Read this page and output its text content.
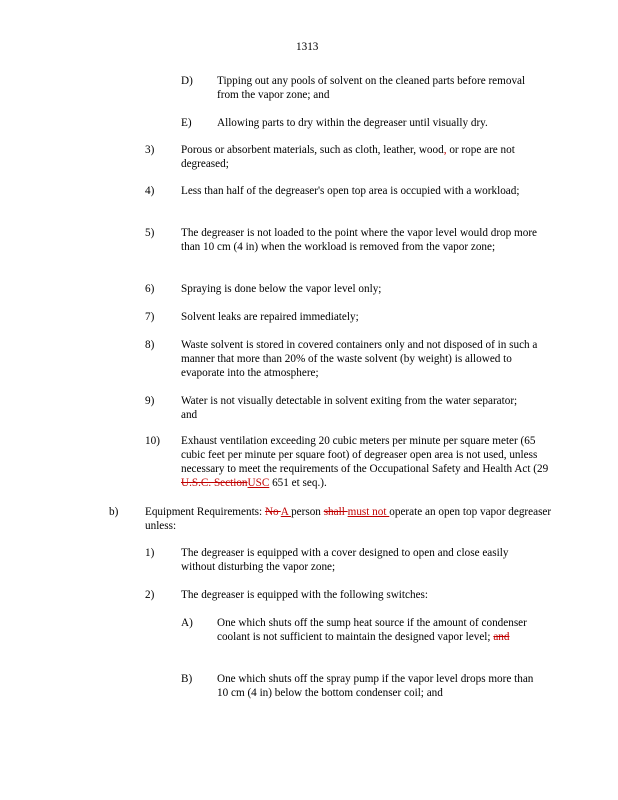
1313
D) Tipping out any pools of solvent on the cleaned parts before removal from the vapor zone; and
E) Allowing parts to dry within the degreaser until visually dry.
3) Porous or absorbent materials, such as cloth, leather, wood, or rope are not degreased;
4) Less than half of the degreaser's open top area is occupied with a workload;
5) The degreaser is not loaded to the point where the vapor level would drop more than 10 cm (4 in) when the workload is removed from the vapor zone;
6) Spraying is done below the vapor level only;
7) Solvent leaks are repaired immediately;
8) Waste solvent is stored in covered containers only and not disposed of in such a manner that more than 20% of the waste solvent (by weight) is allowed to evaporate into the atmosphere;
9) Water is not visually detectable in solvent exiting from the water separator; and
10) Exhaust ventilation exceeding 20 cubic meters per minute per square meter (65 cubic feet per minute per square foot) of degreaser open area is not used, unless necessary to meet the requirements of the Occupational Safety and Health Act (29 U.S.C. SectionUSC 651 et seq.).
b) Equipment Requirements: No A person shall must not operate an open top vapor degreaser unless:
1) The degreaser is equipped with a cover designed to open and close easily without disturbing the vapor zone;
2) The degreaser is equipped with the following switches:
A) One which shuts off the sump heat source if the amount of condenser coolant is not sufficient to maintain the designed vapor level; and
B) One which shuts off the spray pump if the vapor level drops more than 10 cm (4 in) below the bottom condenser coil; and
